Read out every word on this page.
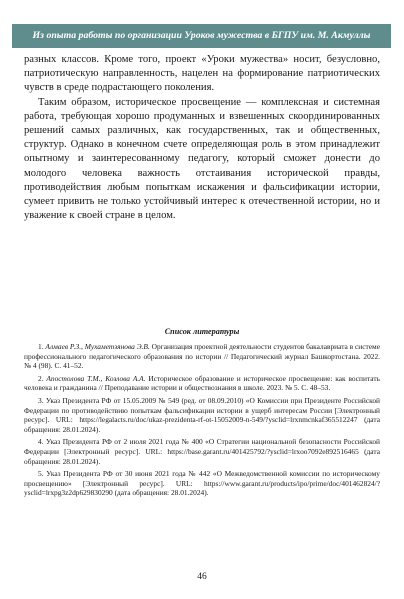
Из опыта работы по организации Уроков мужества в БГПУ им. М. Акмуллы

разных классов. Кроме того, проект «Уроки мужества» носит, безусловно, патриотическую направленность, нацелен на формирование патриотических чувств в среде подрастающего поколения.

Таким образом, историческое просвещение — комплексная и системная работа, требующая хорошо продуманных и взвешенных скоординированных решений самых различных, как государственных, так и общественных, структур. Однако в конечном счете определяющая роль в этом принадлежит опытному и заинтересованному педагогу, который сможет донести до молодого человека важность отстаивания исторической правды, противодействия любым попыткам искажения и фальсификации истории, сумеет привить не только устойчивый интерес к отечественной истории, но и уважение к своей стране в целом.

Список литературы

1. Алмаев Р.З., Мухаметзянова Э.В. Организация проектной деятельности студентов бакалавриата в системе профессионального педагогического образования по истории // Педагогический журнал Башкортостана. 2022. № 4 (98). С. 41–52.

2. Апостолова Т.М., Козлова А.А. Историческое образование и историческое просвещение: как воспитать человека и гражданина // Преподавание истории и обществознания в школе. 2023. № 5. С. 48–53.

3. Указ Президента РФ от 15.05.2009 № 549 (ред. от 08.09.2010) «О Комиссии при Президенте Российской Федерации по противодействию попыткам фальсификации истории в ущерб интересам России [Электронный ресурс]. URL: https://legalacts.ru/doc/ukaz-prezidenta-rf-ot-15052009-n-549/?ysclid=lrxnmcnkaf365512247 (дата обращения: 28.01.2024).

4. Указ Президента РФ от 2 июля 2021 года № 400 «О Стратегии национальной безопасности Российской Федерации [Электронный ресурс]. URL: https://base.garant.ru/401425792/?ysclid=lrxoo7092e892516465 (дата обращения: 28.01.2024).

5. Указ Президента РФ от 30 июня 2021 года № 442 «О Межведомственной комиссии по историческому просвещению» [Электронный ресурс]. URL: https://www.garant.ru/products/ipo/prime/doc/401462824/?ysclid=lrxpg3z2dp629830290 (дата обращения: 28.01.2024).

46
